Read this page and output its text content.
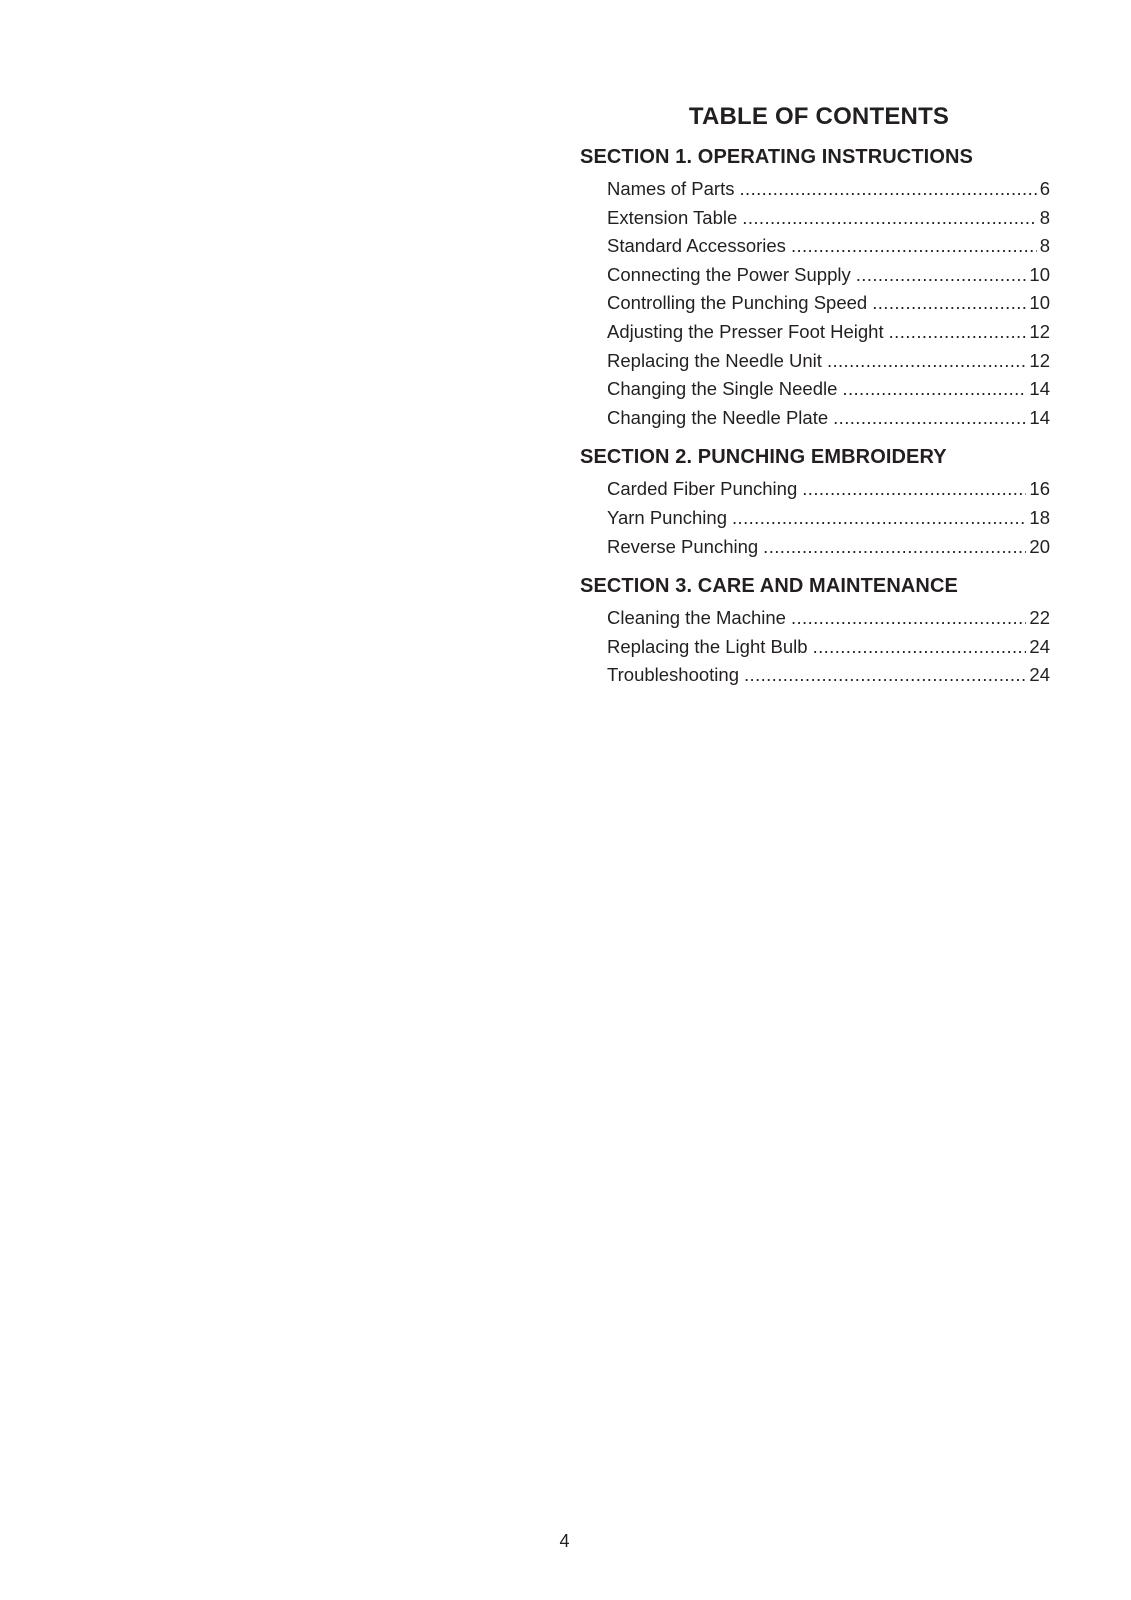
TABLE OF CONTENTS
SECTION 1. OPERATING INSTRUCTIONS
Names of Parts .....	6
Extension Table .....	8
Standard Accessories .....	8
Connecting the Power Supply .....	10
Controlling the Punching Speed .....	10
Adjusting the Presser Foot Height .....	12
Replacing the Needle Unit .....	12
Changing the Single Needle .....	14
Changing the Needle Plate .....	14
SECTION 2. PUNCHING EMBROIDERY
Carded Fiber Punching .....	16
Yarn Punching .....	18
Reverse Punching .....	20
SECTION 3. CARE AND MAINTENANCE
Cleaning the Machine .....	22
Replacing the Light Bulb .....	24
Troubleshooting .....	24
4
